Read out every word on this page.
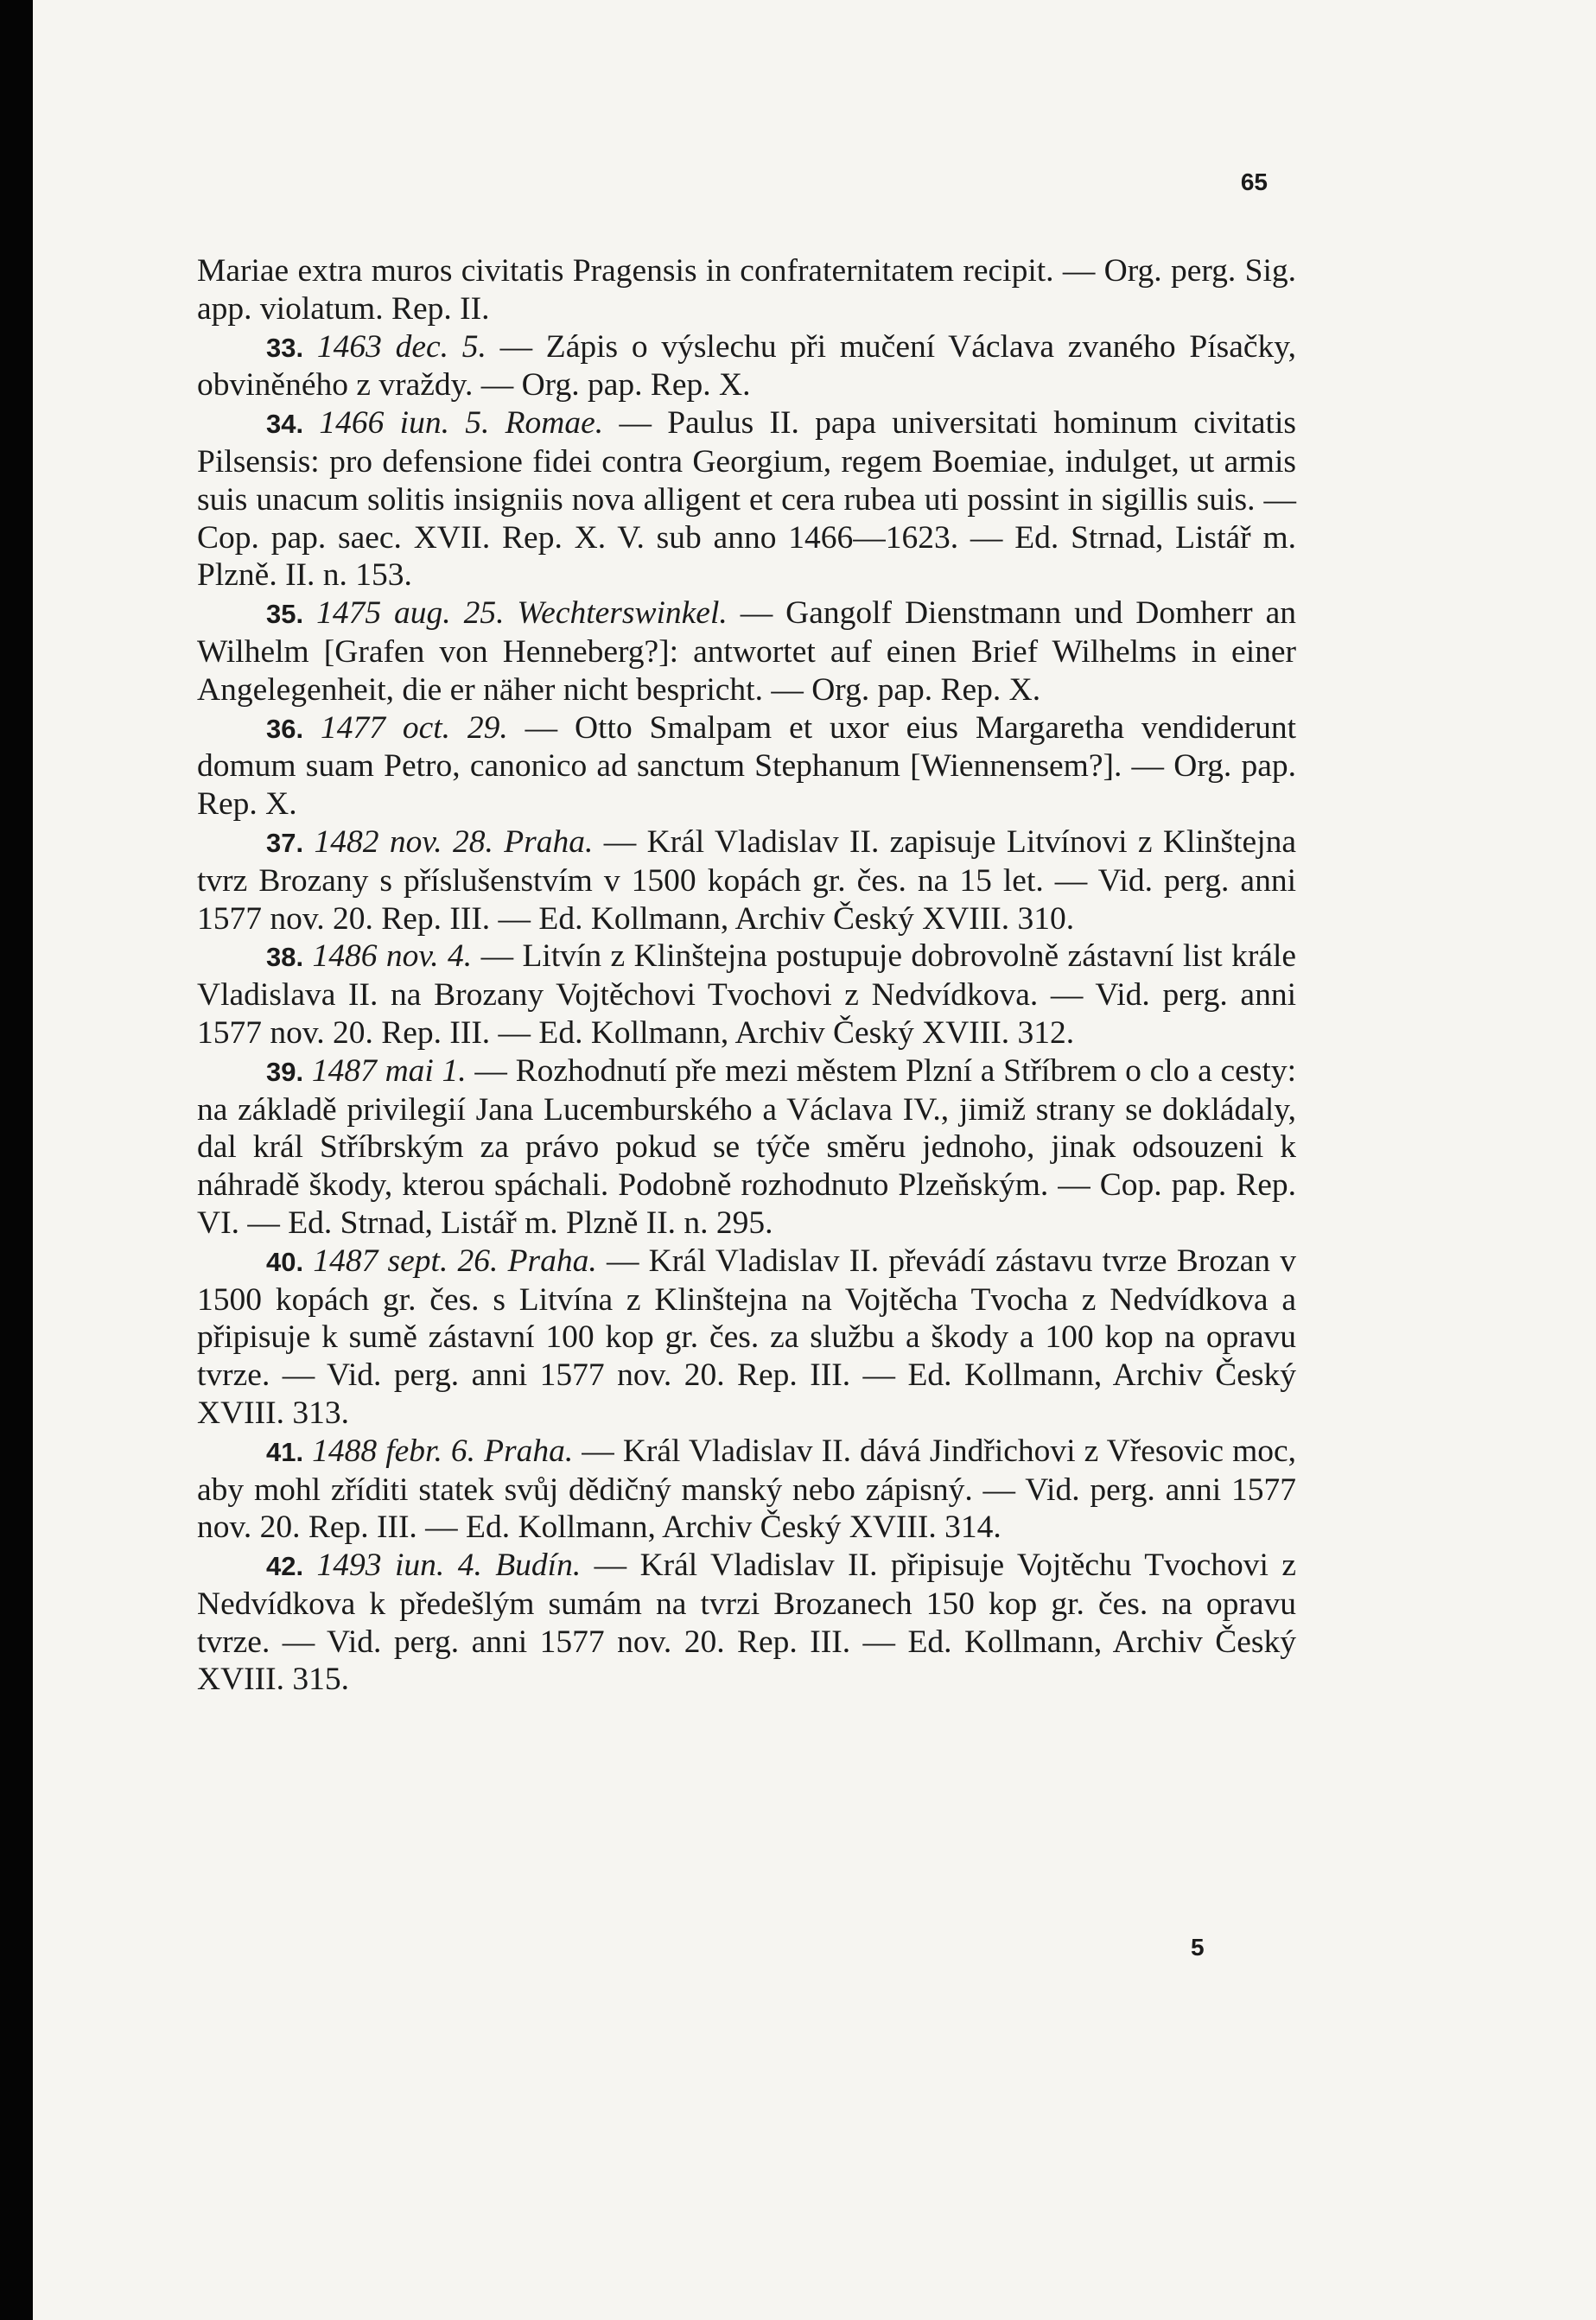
65

Mariae extra muros civitatis Pragensis in confraternitatem recipit. — Org. perg. Sig. app. violatum. Rep. II.

33. 1463 dec. 5. — Zápis o výslechu při mučení Václava zvaného Písačky, obviněného z vraždy. — Org. pap. Rep. X.

34. 1466 iun. 5. Romae. — Paulus II. papa universitati hominum civitatis Pilsensis: pro defensione fidei contra Georgium, regem Boemiae, indulget, ut armis suis unacum solitis insigniis nova alligent et cera rubea uti possint in sigillis suis. — Cop. pap. saec. XVII. Rep. X. V. sub anno 1466—1623. — Ed. Strnad, Listář m. Plzně. II. n. 153.

35. 1475 aug. 25. Wechterswinkel. — Gangolf Dienstmann und Domherr an Wilhelm [Grafen von Henneberg?]: antwortet auf einen Brief Wilhelms in einer Angelegenheit, die er näher nicht bespricht. — Org. pap. Rep. X.

36. 1477 oct. 29. — Otto Smalpam et uxor eius Margaretha vendiderunt domum suam Petro, canonico ad sanctum Stephanum [Wiennensem?]. — Org. pap. Rep. X.

37. 1482 nov. 28. Praha. — Král Vladislav II. zapisuje Litvínovi z Klinštejna tvrz Brozany s příslušenstvím v 1500 kopách gr. čes. na 15 let. — Vid. perg. anni 1577 nov. 20. Rep. III. — Ed. Kollmann, Archiv Český XVIII. 310.

38. 1486 nov. 4. — Litvín z Klinštejna postupuje dobrovolně zástavní list krále Vladislava II. na Brozany Vojtěchovi Tvochovi z Nedvídkova. — Vid. perg. anni 1577 nov. 20. Rep. III. — Ed. Kollmann, Archiv Český XVIII. 312.

39. 1487 mai 1. — Rozhodnutí pře mezi městem Plzní a Stříbrem o clo a cesty: na základě privilegií Jana Lucemburského a Václava IV., jimiž strany se dokládaly, dal král Stříbrským za právo pokud se týče směru jednoho, jinak odsouzeni k náhradě škody, kterou spáchali. Podobně rozhodnuto Plzeňským. — Cop. pap. Rep. VI. — Ed. Strnad, Listář m. Plzně II. n. 295.

40. 1487 sept. 26. Praha. — Král Vladislav II. převádí zástavu tvrze Brozan v 1500 kopách gr. čes. s Litvína z Klinštejna na Vojtěcha Tvocha z Nedvídkova a připisuje k sumě zástavní 100 kop gr. čes. za službu a škody a 100 kop na opravu tvrze. — Vid. perg. anni 1577 nov. 20. Rep. III. — Ed. Kollmann, Archiv Český XVIII. 313.

41. 1488 febr. 6. Praha. — Král Vladislav II. dává Jindřichovi z Vřesovic moc, aby mohl zříditi statek svůj dědičný manský nebo zápisný. — Vid. perg. anni 1577 nov. 20. Rep. III. — Ed. Kollmann, Archiv Český XVIII. 314.

42. 1493 iun. 4. Budín. — Král Vladislav II. připisuje Vojtěchu Tvochovi z Nedvídkova k předešlým sumám na tvrzi Brozanech 150 kop gr. čes. na opravu tvrze. — Vid. perg. anni 1577 nov. 20. Rep. III. — Ed. Kollmann, Archiv Český XVIII. 315.

5
